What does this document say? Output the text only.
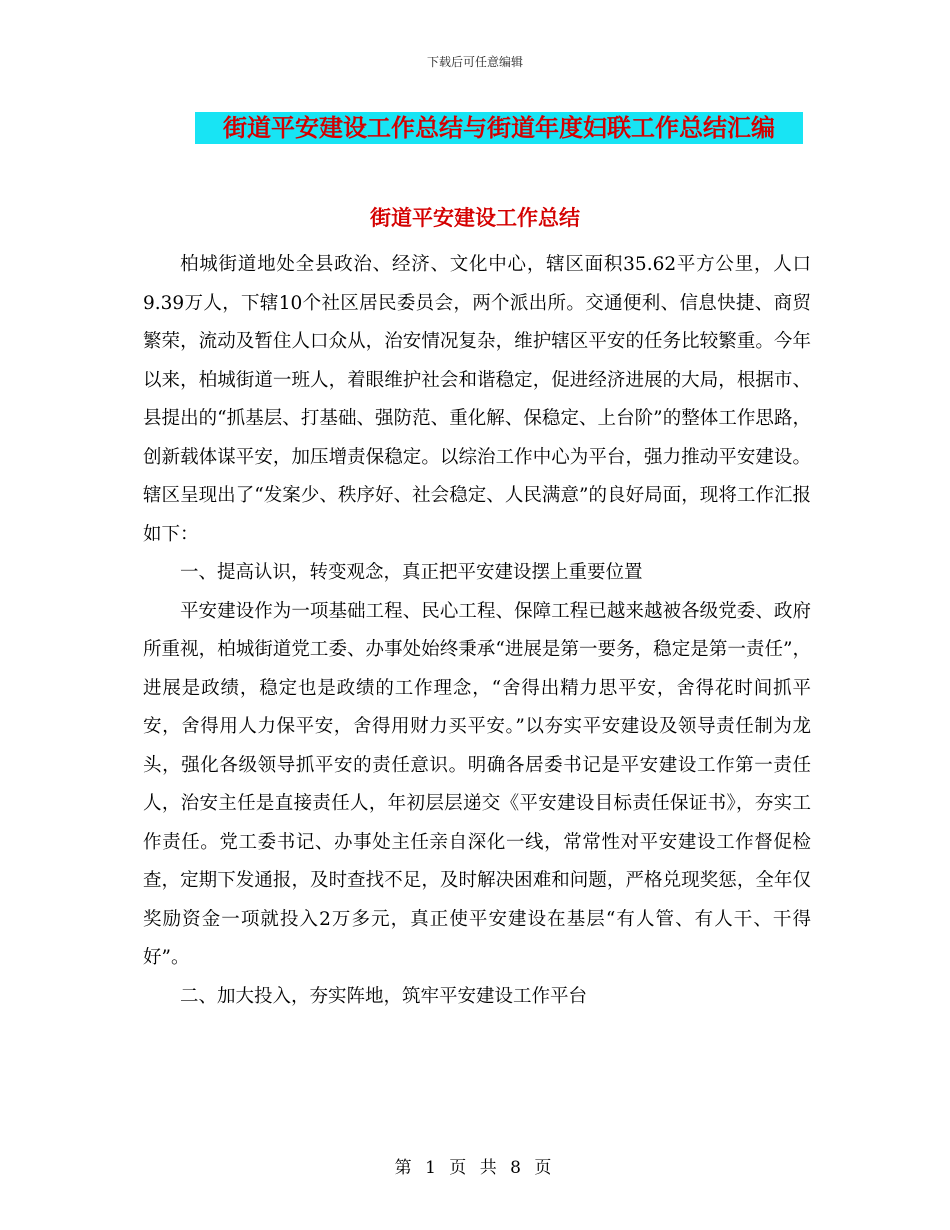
下载后可任意编辑
街道平安建设工作总结与街道年度妇联工作总结汇编
街道平安建设工作总结

柏城街道地处全县政治、经济、文化中心，辖区面积35.62平方公里，人口9.39万人，下辖10个社区居民委员会，两个派出所。交通便利、信息快捷、商贸繁荣，流动及暂住人口众从，治安情况复杂，维护辖区平安的任务比较繁重。今年以来，柏城街道一班人，着眼维护社会和谐稳定，促进经济进展的大局，根据市、县提出的“抓基层、打基础、强防范、重化解、保稳定、上台阶”的整体工作思路，创新载体谋平安，加压增责保稳定。以综治工作中心为平台，强力推动平安建设。辖区呈现出了“发案少、秩序好、社会稳定、人民满意”的良好局面，现将工作汇报如下：

一、提高认识，转变观念，真正把平安建设摆上重要位置

平安建设作为一项基础工程、民心工程、保障工程已越来越被各级党委、政府所重视，柏城街道党工委、办事处始终秉承“进展是第一要务，稳定是第一责任”，进展是政绩，稳定也是政绩的工作理念，“舍得出精力思平安，舍得花时间抓平安，舍得用人力保平安，舍得用财力买平安。”以夯实平安建设及领导责任制为龙头，强化各级领导抓平安的责任意识。明确各居委书记是平安建设工作第一责任人，治安主任是直接责任人，年初层层递交《平安建设目标责任保证书》，夯实工作责任。党工委书记、办事处主任亲自深化一线，常常性对平安建设工作督促检查，定期下发通报，及时查找不足，及时解决困难和问题，严格兑现奖惩，全年仅奖励资金一项就投入2万多元，真正使平安建设在基层“有人管、有人干、干得好”。

二、加大投入，夯实阵地，筑牢平安建设工作平台

第 1 页 共 8 页
